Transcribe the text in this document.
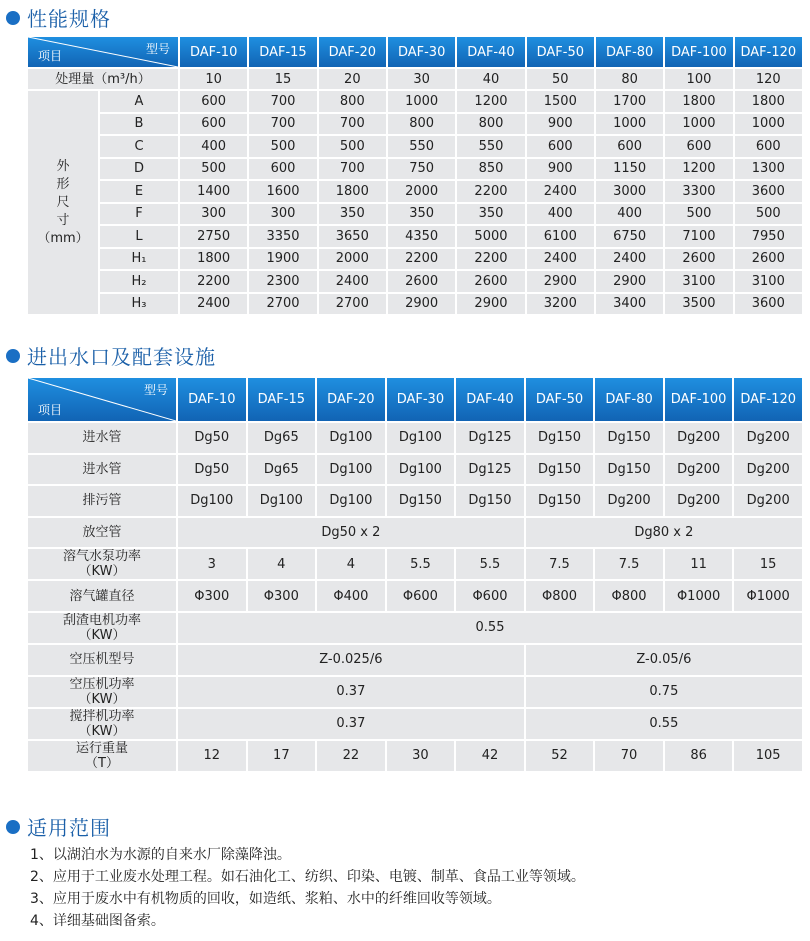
性能规格
型号
项目		DAF-10	DAF-15	DAF-20	DAF-30	DAF-40	DAF-50	DAF-80	DAF-100	DAF-120
处理量（m³/h）		10	15	20	30	40	50	80	100	120

外
形
尺
寸
（mm）	A	600	700	800	1000	1200	1500	1700	1800	1800
	B	600	700	700	800	800	900	1000	1000	1000
	C	400	500	500	550	550	600	600	600	600
	D	500	600	700	750	850	900	1150	1200	1300
	E	1400	1600	1800	2000	2200	2400	3000	3300	3600
	F	300	300	350	350	350	400	400	500	500
	L	2750	3350	3650	4350	5000	6100	6750	7100	7950
	H₁	1800	1900	2000	2200	2200	2400	2400	2600	2600
	H₂	2200	2300	2400	2600	2600	2900	2900	3100	3100
	H₃	2400	2700	2700	2900	2900	3200	3400	3500	3600
进出水口及配套设施
型号
项目	DAF-10	DAF-15	DAF-20	DAF-30	DAF-40	DAF-50	DAF-80	DAF-100	DAF-120

进水管	Dg50	Dg65	Dg100	Dg100	Dg125	Dg150	Dg150	Dg200	Dg200

进水管	Dg50	Dg65	Dg100	Dg100	Dg125	Dg150	Dg150	Dg200	Dg200

排污管	Dg100	Dg100	Dg100	Dg150	Dg150	Dg150	Dg200	Dg200	Dg200

放空管	Dg50 x 2					Dg80 x 2			

溶气水泵功率
（KW）	3	4	4	5.5	5.5	7.5	7.5	11	15

溶气罐直径	Φ300	Φ300	Φ400	Φ600	Φ600	Φ800	Φ800	Φ1000	Φ1000

刮渣电机功率
（KW）	0.55								

空压机型号	Z-0.025/6					Z-0.05/6			

空压机功率
（KW）	0.37					0.75			

搅拌机功率
（KW）	0.37					0.55			

运行重量
（T）	12	17	22	30	42	52	70	86	105
适用范围
1、以湖泊水为水源的自来水厂除藻降浊。
2、应用于工业废水处理工程。如石油化工、纺织、印染、电镀、制革、食品工业等领域。
3、应用于废水中有机物质的回收，如造纸、浆粕、水中的纤维回收等领域。
4、详细基础图备索。
